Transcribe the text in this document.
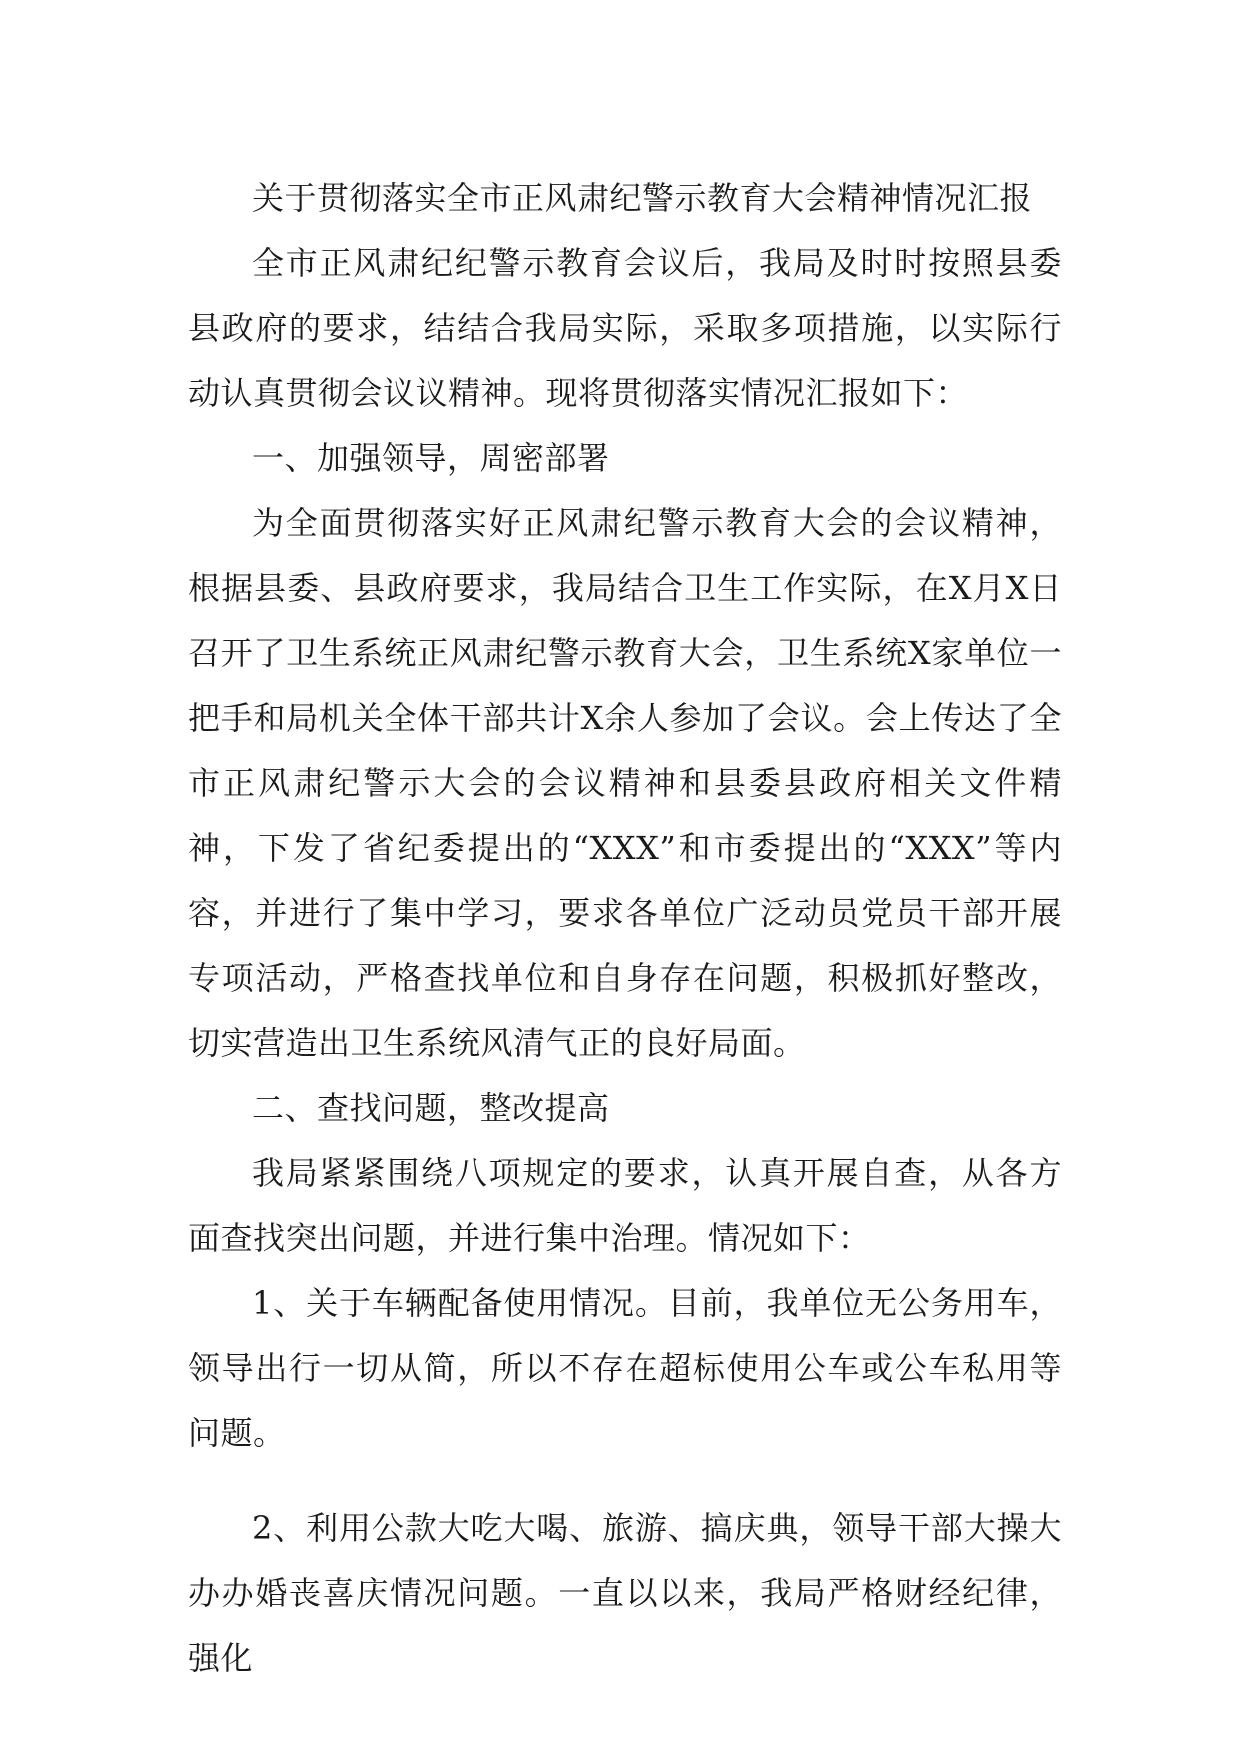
关于贯彻落实全市正风肃纪警示教育大会精神情况汇报

全市正风肃纪纪警示教育会议后，我局及时时按照县委县政府的要求，结结合我局实际，采取多项措施，以实际行动认真贯彻会议议精神。现将贯彻落实情况汇报如下：

一、加强领导，周密部署

为全面贯彻落实好正风肃纪警示教育大会的会议精神，根据县委、县政府要求，我局结合卫生工作实际，在X月X日召开了卫生系统正风肃纪警示教育大会，卫生系统X家单位一把手和局机关全体干部共计X余人参加了会议。会上传达了全市正风肃纪警示大会的会议精神和县委县政府相关文件精神，下发了省纪委提出的“XXX”和市委提出的“XXX”等内容，并进行了集中学习，要求各单位广泛动员党员干部开展专项活动，严格查找单位和自身存在问题，积极抓好整改，切实营造出卫生系统风清气正的良好局面。

二、查找问题，整改提高

我局紧紧围绕八项规定的要求，认真开展自查，从各方面查找突出问题，并进行集中治理。情况如下：

1、关于车辆配备使用情况。目前，我单位无公务用车，领导出行一切从简，所以不存在超标使用公车或公车私用等问题。

2、利用公款大吃大喝、旅游、搞庆典，领导干部大操大办办婚丧喜庆情况问题。一直以以来，我局严格财经纪律，强化
